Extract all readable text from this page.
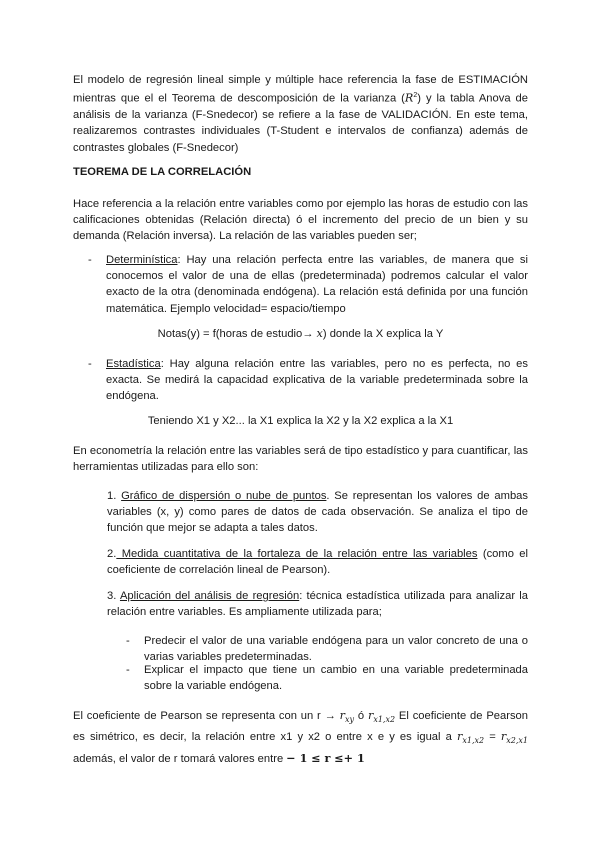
El modelo de regresión lineal simple y múltiple hace referencia la fase de ESTIMACIÓN mientras que el el Teorema de descomposición de la varianza $(R^2)$ y la tabla Anova de análisis de la varianza (F-Snedecor) se refiere a la fase de VALIDACIÓN. En este tema, realizaremos contrastes individuales (T-Student e intervalos de confianza) además de contrastes globales (F-Snedecor)

TEOREMA DE LA CORRELACIÓN

Hace referencia a la relación entre variables como por ejemplo las horas de estudio con las calificaciones obtenidas (Relación directa) ó el incremento del precio de un bien y su demanda (Relación inversa). La relación de las variables pueden ser;

-	Determinística: Hay una relación perfecta entre las variables, de manera que si conocemos el valor de una de ellas (predeterminada) podremos calcular el valor exacto de la otra (denominada endógena). La relación está definida por una función matemática. Ejemplo velocidad= espacio/tiempo

Notas(y) = f(horas de estudio→ x) donde la X explica la Y

-	Estadística: Hay alguna relación entre las variables, pero no es perfecta, no es exacta. Se medirá la capacidad explicativa de la variable predeterminada sobre la endógena.

Teniendo X1 y X2... la X1 explica la X2 y la X2 explica a la X1

En econometría la relación entre las variables será de tipo estadístico y para cuantificar, las herramientas utilizadas para ello son:

1. Gráfico de dispersión o nube de puntos. Se representan los valores de ambas variables (x, y) como pares de datos de cada observación. Se analiza el tipo de función que mejor se adapta a tales datos.

2. Medida cuantitativa de la fortaleza de la relación entre las variables (como el coeficiente de correlación lineal de Pearson).

3. Aplicación del análisis de regresión: técnica estadística utilizada para analizar la relación entre variables. Es ampliamente utilizada para;

-	Predecir el valor de una variable endógena para un valor concreto de una o varias variables predeterminadas.

-	Explicar el impacto que tiene un cambio en una variable predeterminada sobre la variable endógena.

El coeficiente de Pearson se representa con un $r \to r_{xy}$ ó $r_{x1,x2}$ El coeficiente de Pearson es simétrico, es decir, la relación entre x1 y x2 o entre x e y es igual a $r_{x1,x2} = r_{x2,x1}$ además, el valor de r tomará valores entre − 1 ≤ r ≤+ 1
